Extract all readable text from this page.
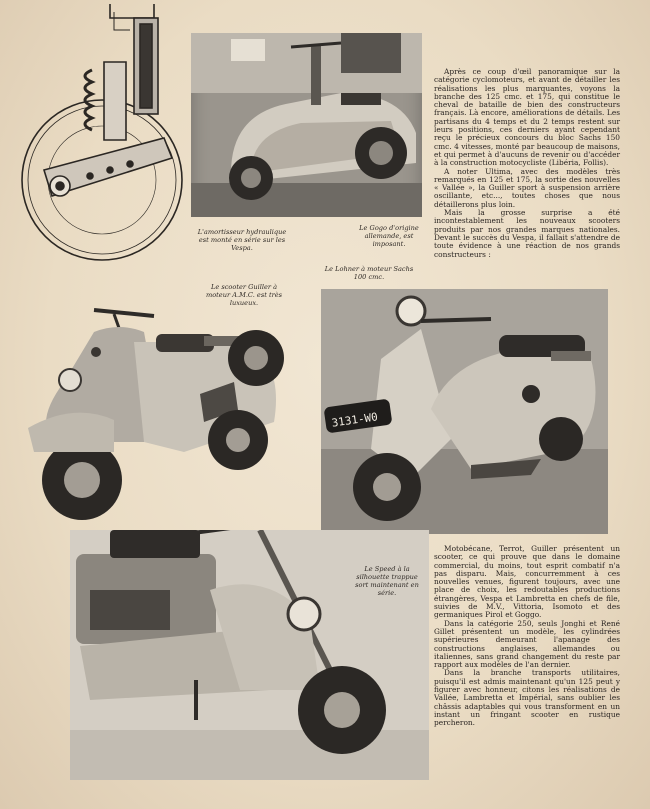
L'amortisseur hydraulique est monté en série sur les Vespa.
Le Gogo d'origine allemande, est imposant.
Le Lohner à moteur Sachs 100 cmc.

Après ce coup d'œil panoramique sur la catégorie cyclomoteurs, et avant de détailler les réalisations les plus marquantes, voyons la branche des 125 cmc. et 175, qui constitue le cheval de bataille de bien des constructeurs français. Là encore, améliorations de détails. Les partisans du 4 temps et du 2 temps restent sur leurs positions, ces derniers ayant cependant reçu le précieux concours du bloc Sachs 150 cmc. 4 vitesses, monté par beaucoup de maisons, et qui permet à d'aucuns de revenir ou d'accéder à la construction motocycliste (Libéria, Follis).

A noter Ultima, avec des modèles très remarqués en 125 et 175, la sortie des nouvelles « Vallée », la Guiller sport à suspension arrière oscillante, etc..., toutes choses que nous détaillerons plus loin.

Mais la grosse surprise a été incontestablement les nouveaux scooters produits par nos grandes marques nationales. Devant le succès du Vespa, il fallait s'attendre de toute évidence à une réaction de nos grands constructeurs :

Le scooter Guiller à moteur A.M.C. est très luxueux.
3131-W0
Le Speed à la silhouette trappue sort maintenant en série.

Motobécane, Terrot, Guiller présentent un scooter, ce qui prouve que dans le domaine commercial, du moins, tout esprit combatif n'a pas disparu. Mais, concurremment à ces nouvelles venues, figurent toujours, avec une place de choix, les redoutables productions étrangères, Vespa et Lambretta en chefs de file, suivies de M.V., Vittoria, Isomoto et des germaniques Pirol et Goggo.

Dans la catégorie 250, seuls Jonghi et René Gillet présentent un modèle, les cylindrées supérieures demeurant l'apanage des constructions anglaises, allemandes ou italiennes, sans grand changement du reste par rapport aux modèles de l'an dernier.

Dans la branche transports utilitaires, puisqu'il est admis maintenant qu'un 125 peut y figurer avec honneur, citons les réalisations de Vallée, Lambretta et Impérial, sans oublier les châssis adaptables qui vous transforment en un instant un fringant scooter en rustique percheron.
